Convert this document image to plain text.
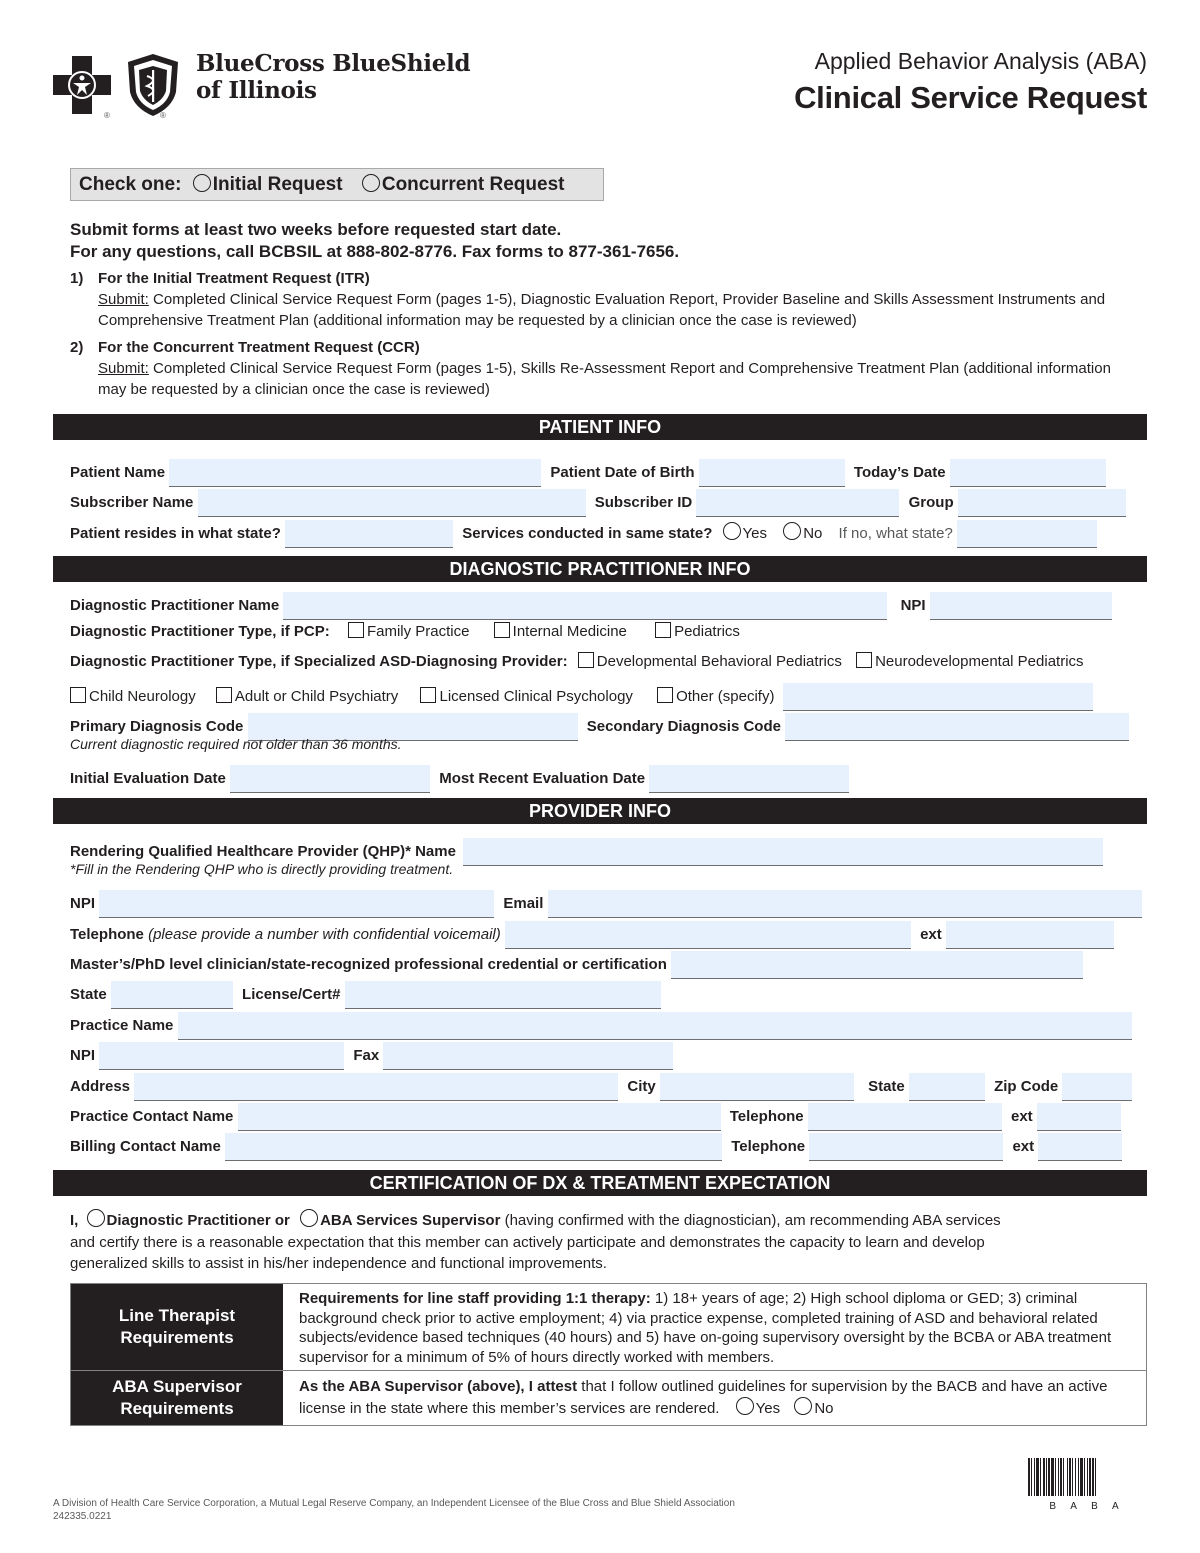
®	®
BlueCross BlueShield
of Illinois
Applied Behavior Analysis (ABA)
Clinical Service Request
Check one: Initial Request Concurrent Request
Submit forms at least two weeks before requested start date.
For any questions, call BCBSIL at 888-802-8776. Fax forms to 877-361-7656.
1) For the Initial Treatment Request (ITR)
Submit: Completed Clinical Service Request Form (pages 1-5), Diagnostic Evaluation Report, Provider Baseline and Skills Assessment Instruments and Comprehensive Treatment Plan (additional information may be requested by a clinician once the case is reviewed)
2) For the Concurrent Treatment Request (CCR)
Submit: Completed Clinical Service Request Form (pages 1-5), Skills Re-Assessment Report and Comprehensive Treatment Plan (additional information may be requested by a clinician once the case is reviewed)
PATIENT INFO
Patient Name	Patient Date of Birth	Today’s Date
Subscriber Name	Subscriber ID	Group
Patient resides in what state?	Services conducted in same state? Yes No If no, what state?
DIAGNOSTIC PRACTITIONER INFO
Diagnostic Practitioner Name	NPI
Diagnostic Practitioner Type, if PCP: Family Practice	Internal Medicine	Pediatrics
Diagnostic Practitioner Type, if Specialized ASD-Diagnosing Provider: Developmental Behavioral Pediatrics Neurodevelopmental Pediatrics
Child Neurology	Adult or Child Psychiatry	Licensed Clinical Psychology	Other (specify)
Primary Diagnosis Code	Secondary Diagnosis Code
Current diagnostic required not older than 36 months.
Initial Evaluation Date	Most Recent Evaluation Date
PROVIDER INFO
Rendering Qualified Healthcare Provider (QHP)* Name
*Fill in the Rendering QHP who is directly providing treatment.
NPI	Email
Telephone (please provide a number with confidential voicemail)	ext
Master’s/PhD level clinician/state-recognized professional credential or certification
State	License/Cert#
Practice Name
NPI	Fax
Address	City	State	Zip Code
Practice Contact Name	Telephone	ext
Billing Contact Name	Telephone	ext
CERTIFICATION OF DX & TREATMENT EXPECTATION
I, Diagnostic Practitioner or ABA Services Supervisor (having confirmed with the diagnostician), am recommending ABA services
and certify there is a reasonable expectation that this member can actively participate and demonstrates the capacity to learn and develop
generalized skills to assist in his/her independence and functional improvements.
Line Therapist Requirements
Requirements for line staff providing 1:1 therapy: 1) 18+ years of age; 2) High school diploma or GED; 3) criminal background check prior to active employment; 4) via practice expense, completed training of ASD and behavioral related subjects/evidence based techniques (40 hours) and 5) have on-going supervisory oversight by the BCBA or ABA treatment supervisor for a minimum of 5% of hours directly worked with members.
ABA Supervisor Requirements
As the ABA Supervisor (above), I attest that I follow outlined guidelines for supervision by the BACB and have an active license in the state where this member’s services are rendered. Yes No
A Division of Health Care Service Corporation, a Mutual Legal Reserve Company, an Independent Licensee of the Blue Cross and Blue Shield Association
242335.0221
B A B A
